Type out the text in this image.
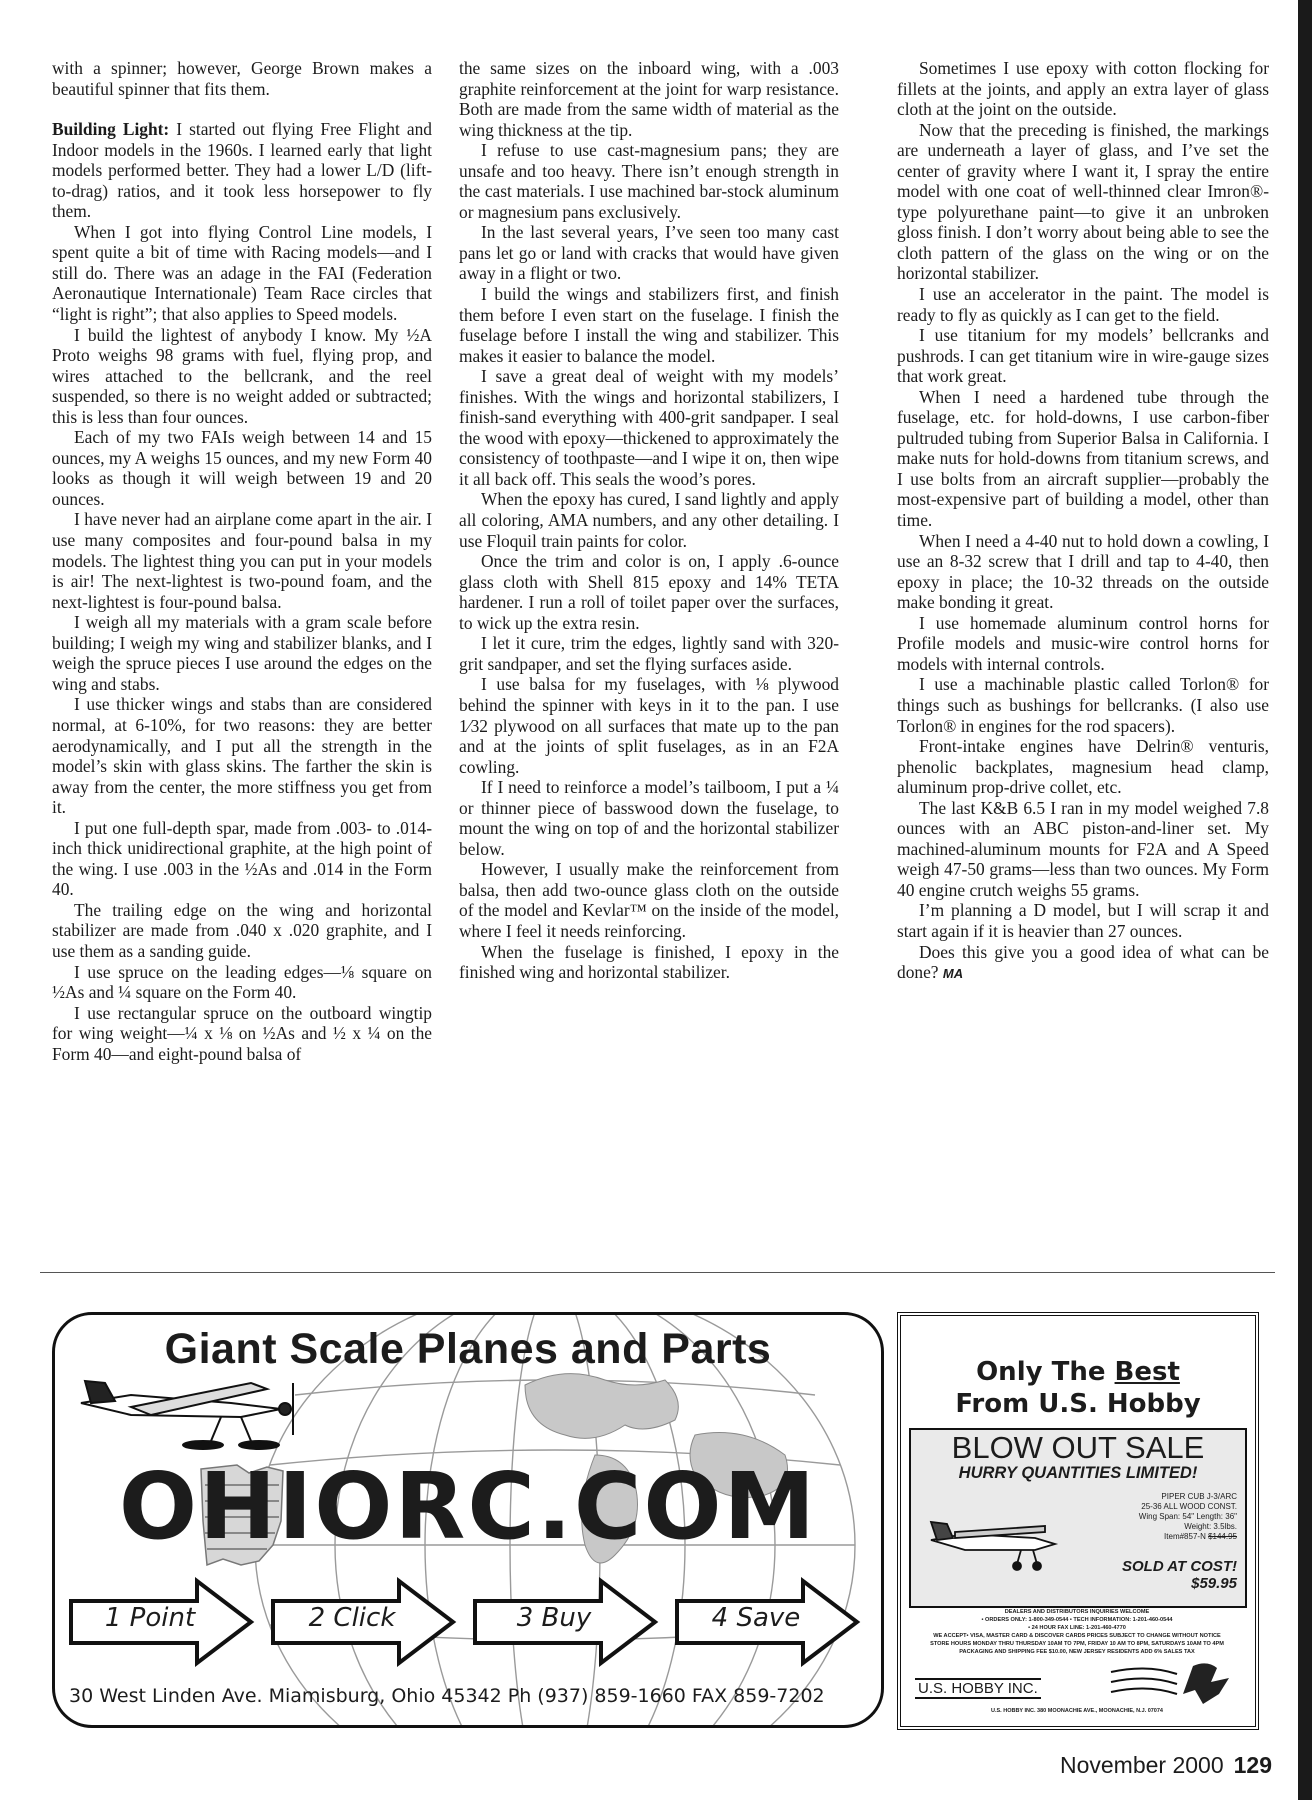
with a spinner; however, George Brown makes a beautiful spinner that fits them.

Building Light: I started out flying Free Flight and Indoor models in the 1960s. I learned early that light models performed better. They had a lower L/D (lift-to-drag) ratios, and it took less horsepower to fly them.

When I got into flying Control Line models, I spent quite a bit of time with Racing models—and I still do. There was an adage in the FAI (Federation Aeronautique Internationale) Team Race circles that “light is right”; that also applies to Speed models.

I build the lightest of anybody I know. My ½A Proto weighs 98 grams with fuel, flying prop, and wires attached to the bellcrank, and the reel suspended, so there is no weight added or subtracted; this is less than four ounces.

Each of my two FAIs weigh between 14 and 15 ounces, my A weighs 15 ounces, and my new Form 40 looks as though it will weigh between 19 and 20 ounces.

I have never had an airplane come apart in the air. I use many composites and four-pound balsa in my models. The lightest thing you can put in your models is air! The next-lightest is two-pound foam, and the next-lightest is four-pound balsa.

I weigh all my materials with a gram scale before building; I weigh my wing and stabilizer blanks, and I weigh the spruce pieces I use around the edges on the wing and stabs.

I use thicker wings and stabs than are considered normal, at 6-10%, for two reasons: they are better aerodynamically, and I put all the strength in the model’s skin with glass skins. The farther the skin is away from the center, the more stiffness you get from it.

I put one full-depth spar, made from .003- to .014-inch thick unidirectional graphite, at the high point of the wing. I use .003 in the ½As and .014 in the Form 40.

The trailing edge on the wing and horizontal stabilizer are made from .040 x .020 graphite, and I use them as a sanding guide.

I use spruce on the leading edges—⅛ square on ½As and ¼ square on the Form 40.

I use rectangular spruce on the outboard wingtip for wing weight—¼ x ⅛ on ½As and ½ x ¼ on the Form 40—and eight-pound balsa of

the same sizes on the inboard wing, with a .003 graphite reinforcement at the joint for warp resistance. Both are made from the same width of material as the wing thickness at the tip.

I refuse to use cast-magnesium pans; they are unsafe and too heavy. There isn’t enough strength in the cast materials. I use machined bar-stock aluminum or magnesium pans exclusively.

In the last several years, I’ve seen too many cast pans let go or land with cracks that would have given away in a flight or two.

I build the wings and stabilizers first, and finish them before I even start on the fuselage. I finish the fuselage before I install the wing and stabilizer. This makes it easier to balance the model.

I save a great deal of weight with my models’ finishes. With the wings and horizontal stabilizers, I finish-sand everything with 400-grit sandpaper. I seal the wood with epoxy—thickened to approximately the consistency of toothpaste—and I wipe it on, then wipe it all back off. This seals the wood’s pores.

When the epoxy has cured, I sand lightly and apply all coloring, AMA numbers, and any other detailing. I use Floquil train paints for color.

Once the trim and color is on, I apply .6-ounce glass cloth with Shell 815 epoxy and 14% TETA hardener. I run a roll of toilet paper over the surfaces, to wick up the extra resin.

I let it cure, trim the edges, lightly sand with 320-grit sandpaper, and set the flying surfaces aside.

I use balsa for my fuselages, with ⅛ plywood behind the spinner with keys in it to the pan. I use 1⁄32 plywood on all surfaces that mate up to the pan and at the joints of split fuselages, as in an F2A cowling.

If I need to reinforce a model’s tailboom, I put a ¼ or thinner piece of basswood down the fuselage, to mount the wing on top of and the horizontal stabilizer below.

However, I usually make the reinforcement from balsa, then add two-ounce glass cloth on the outside of the model and Kevlar™ on the inside of the model, where I feel it needs reinforcing.

When the fuselage is finished, I epoxy in the finished wing and horizontal stabilizer.

Sometimes I use epoxy with cotton flocking for fillets at the joints, and apply an extra layer of glass cloth at the joint on the outside.

Now that the preceding is finished, the markings are underneath a layer of glass, and I’ve set the center of gravity where I want it, I spray the entire model with one coat of well-thinned clear Imron®-type polyurethane paint—to give it an unbroken gloss finish. I don’t worry about being able to see the cloth pattern of the glass on the wing or on the horizontal stabilizer.

I use an accelerator in the paint. The model is ready to fly as quickly as I can get to the field.

I use titanium for my models’ bellcranks and pushrods. I can get titanium wire in wire-gauge sizes that work great.

When I need a hardened tube through the fuselage, etc. for hold-downs, I use carbon-fiber pultruded tubing from Superior Balsa in California. I make nuts for hold-downs from titanium screws, and I use bolts from an aircraft supplier—probably the most-expensive part of building a model, other than time.

When I need a 4-40 nut to hold down a cowling, I use an 8-32 screw that I drill and tap to 4-40, then epoxy in place; the 10-32 threads on the outside make bonding it great.

I use homemade aluminum control horns for Profile models and music-wire control horns for models with internal controls.

I use a machinable plastic called Torlon® for things such as bushings for bellcranks. (I also use Torlon® in engines for the rod spacers).

Front-intake engines have Delrin® venturis, phenolic backplates, magnesium head clamp, aluminum prop-drive collet, etc.

The last K&B 6.5 I ran in my model weighed 7.8 ounces with an ABC piston-and-liner set. My machined-aluminum mounts for F2A and A Speed weigh 47-50 grams—less than two ounces. My Form 40 engine crutch weighs 55 grams.

I’m planning a D model, but I will scrap it and start again if it is heavier than 27 ounces.

Does this give you a good idea of what can be done? MA

Giant Scale Planes and Parts
OHIORC.COM
1 Point	2 Click	3 Buy	4 Save
30 West Linden Ave. Miamisburg, Ohio 45342 Ph (937) 859-1660 FAX 859-7202
Only The Best
From U.S. Hobby
BLOW OUT SALE
HURRY QUANTITIES LIMITED!
PIPER CUB J-3/ARC
25-36 ALL WOOD CONST.
Wing Span: 54" Length: 36"
Weight: 3.5lbs.
Item#857-N $144.95
SOLD AT COST!
$59.95
DEALERS AND DISTRIBUTORS INQUIRIES WELCOME
• ORDERS ONLY: 1-800-349-0544 • TECH INFORMATION: 1-201-460-0544
• 24 HOUR FAX LINE: 1-201-460-4770
WE ACCEPT• VISA, MASTER CARD & DISCOVER CARDS PRICES SUBJECT TO CHANGE WITHOUT NOTICE
STORE HOURS MONDAY THRU THURSDAY 10AM TO 7PM, FRIDAY 10 AM TO 8PM, SATURDAYS 10AM TO 4PM
PACKAGING AND SHIPPING FEE $10.00, NEW JERSEY RESIDENTS ADD 6% SALES TAX
U.S. HOBBY INC.
U.S. HOBBY INC. 380 MOONACHIE AVE., MOONACHIE, N.J. 07074
November 2000 129
